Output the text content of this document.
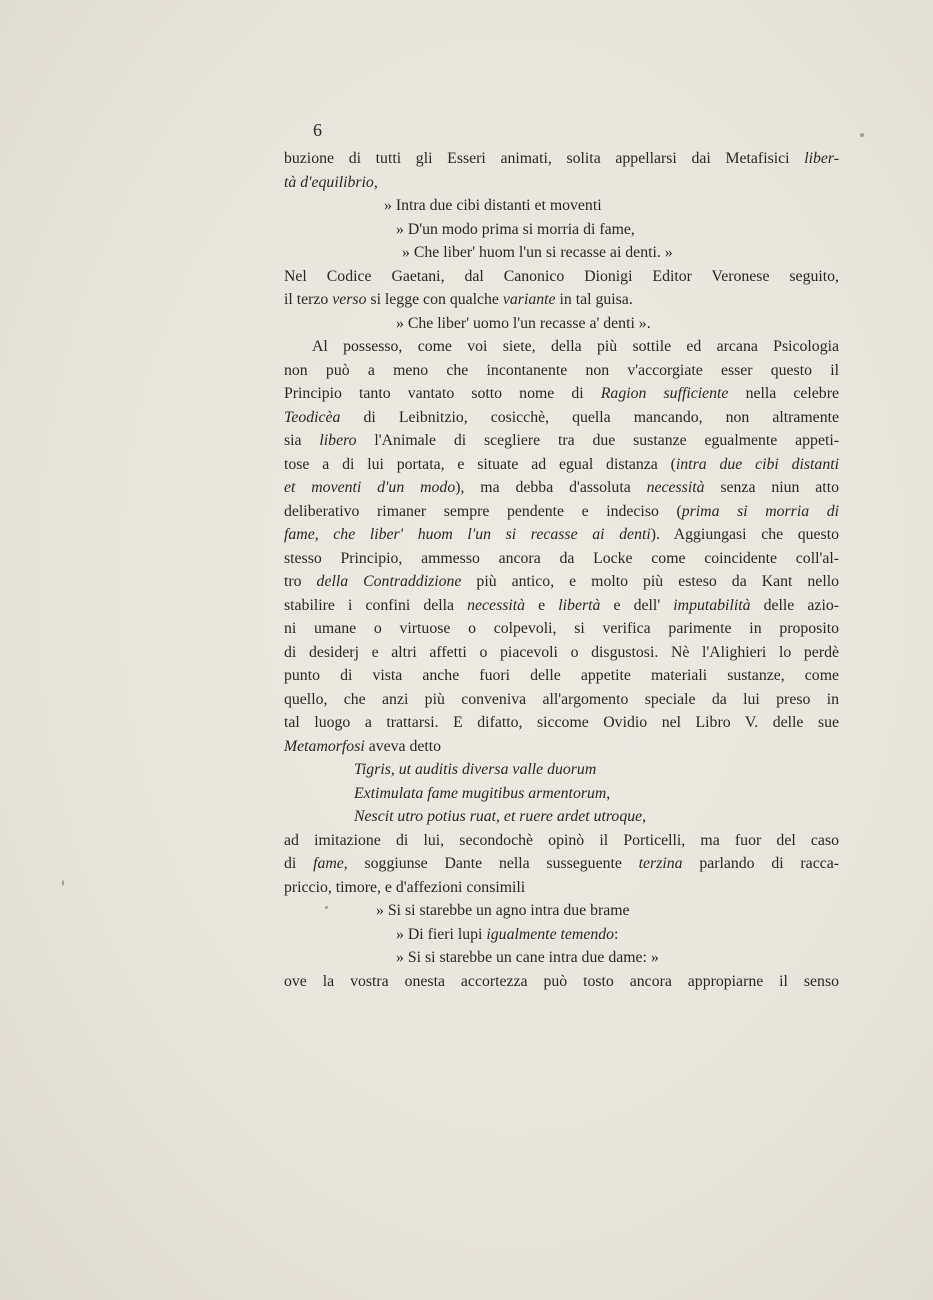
6
buzione di tutti gli Esseri animati, solita appellarsi dai Metafisici liber-
tà d'equilibrio,
» Intra due cibi distanti et moventi
» D'un modo prima si morria di fame,
» Che liber' huom l'un si recasse ai denti. »
Nel Codice Gaetani, dal Canonico Dionigi Editor Veronese seguito,
il terzo verso si legge con qualche variante in tal guisa.
» Che liber' uomo l'un recasse a' denti ».
Al possesso, come voi siete, della più sottile ed arcana Psicologia
non può a meno che incontanente non v'accorgiate esser questo il
Principio tanto vantato sotto nome di Ragion sufficiente nella celebre
Teodicèa di Leibnitzio, cosicchè, quella mancando, non altramente
sia libero l'Animale di scegliere tra due sustanze egualmente appeti-
tose a di lui portata, e situate ad egual distanza (intra due cibi distanti
et moventi d'un modo), ma debba d'assoluta necessità senza niun atto
deliberativo rimaner sempre pendente e indeciso (prima si morria di
fame, che liber' huom l'un si recasse ai denti). Aggiungasi che questo
stesso Principio, ammesso ancora da Locke come coincidente coll'al-
tro della Contraddizione più antico, e molto più esteso da Kant nello
stabilire i confini della necessità e libertà e dell' imputabilità delle azio-
ni umane o virtuose o colpevoli, si verifica parimente in proposito
di desiderj e altri affetti o piacevoli o disgustosi. Nè l'Alighieri lo perdè
punto di vista anche fuori delle appetite materiali sustanze, come
quello, che anzi più conveniva all'argomento speciale da lui preso in
tal luogo a trattarsi. E difatto, siccome Ovidio nel Libro V. delle sue
Metamorfosi aveva detto
Tigris, ut auditis diversa valle duorum
Extimulata fame mugitibus armentorum,
Nescit utro potius ruat, et ruere ardet utroque,
ad imitazione di lui, secondochè opinò il Porticelli, ma fuor del caso
di fame, soggiunse Dante nella susseguente terzina parlando di racca-
priccio, timore, e d'affezioni consimili
» Si si starebbe un agno intra due brame
» Di fieri lupi igualmente temendo:
» Si si starebbe un cane intra due dame: »
ove la vostra onesta accortezza può tosto ancora appropiarne il senso
